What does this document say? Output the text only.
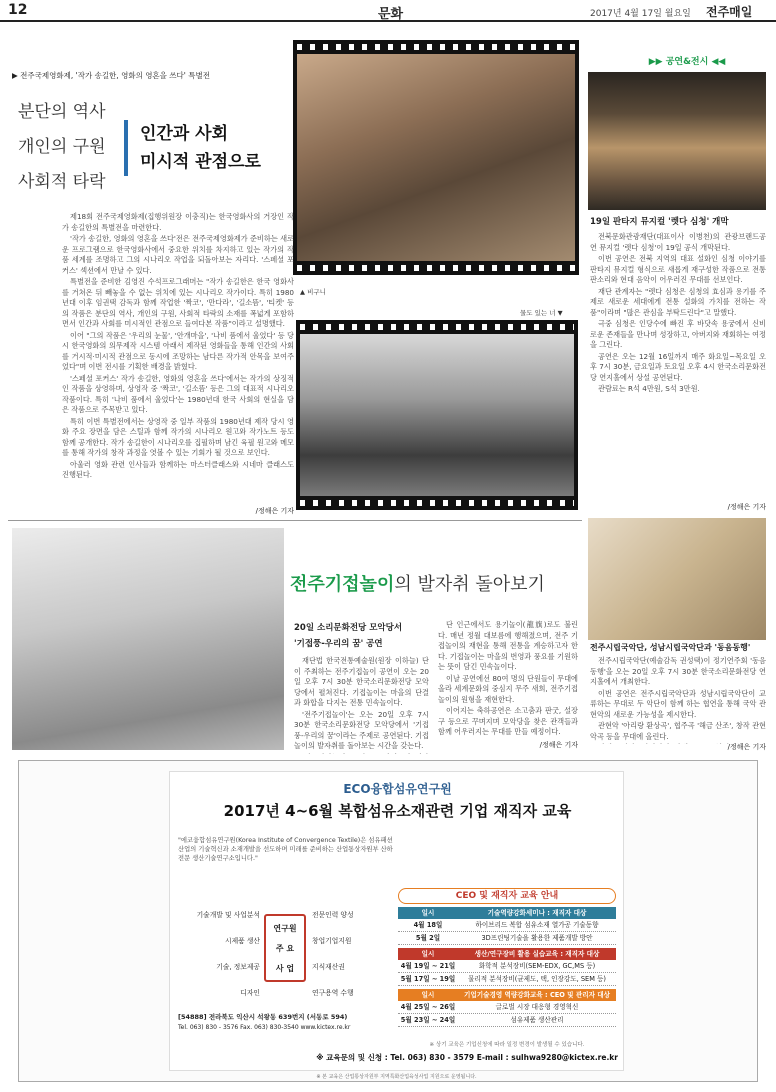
12	문화	2017년 4월 17일 월요일 전주매일
▶ 전주국제영화제, '작가 송길한, 영화의 영혼을 쓰다' 특별전
분단의 역사
개인의 구원
사회적 타락
인간과 사회
미시적 관점으로
▲ 비구니
물도 있는 너 ▼

제18회 전주국제영화제(집행위원장 이충직)는 한국영화사의 거장인 작가 송길한의 특별전을 마련한다.

'작가 송길한, 영화의 영혼을 쓰다'전은 전주국제영화제가 준비하는 새로운 프로그램으로 한국영화사에서 중요한 위치를 차지하고 있는 작가의 작품 세계를 조명하고 그의 시나리오 작업을 되돌아보는 자리다. '스페셜 포커스' 섹션에서 만날 수 있다.

특별전을 준비한 김영진 수석프로그래머는 "작가 송길한은 한국 영화사를 거쳐온 뒤 빼놓을 수 없는 위치에 있는 시나리오 작가이다. 특히 1980년대 이후 임권택 감독과 함께 작업한 '짝코', '만다라', '길소뜸', '티켓' 등의 작품은 분단의 역사, 개인의 구원, 사회적 타락의 소재를 폭넓게 포함하면서 인간과 사회를 미시적인 관점으로 들여다본 작품"이라고 설명했다.

이어 "그의 작품은 '우리의 눈물', '안개마을', '나비 품에서 울었다' 등 당시 한국영화의 의무제작 시스템 아래서 제작된 영화들을 통해 인간의 사회를 거시적·미시적 관점으로 동시에 조망하는 남다른 작가적 안목을 보여주었다"며 이번 전시를 기획한 배경을 밝혔다.

'스페셜 포커스' 작가 송길한, 영화의 영혼을 쓰다'에서는 작가의 상징적인 작품을 상영하며, 상영작 중 '짝코', '길소뜸' 등은 그의 대표적 시나리오 작품이다. 특히 '나비 품에서 울었다'는 1980년대 한국 사회의 현실을 담은 작품으로 주목받고 있다.

특히 이번 특별전에서는 상영작 중 일부 작품의 1980년대 제작 당시 영화 주요 장면을 담은 스틸과 함께 작가의 시나리오 원고와 작가노트 등도 함께 공개한다. 작가 송길한이 시나리오를 집필하며 남긴 육필 원고와 메모를 통해 작가의 창작 과정을 엿볼 수 있는 기회가 될 것으로 보인다.

아울러 영화 관련 인사들과 함께하는 마스터클래스와 시네마 클래스도 진행된다.

/정해은 기자
전주기접놀이의 발자취 돌아보기
20일 소리문화전당 모악당서
'기접풍-우리의 꿈' 공연

재단법 한국전통예술원(원장 이하늘) 단이 주최하는 전주기접놀이 공연이 오는 20일 오후 7시 30분 한국소리문화전당 모악당에서 펼쳐진다. 기접놀이는 마을의 단결과 화합을 다지는 전통 민속놀이다.

'전주기접놀이'는 오는 20일 오후 7시 30분 한국소리문화전당 모악당에서 '기접풍-우리의 꿈'이라는 주제로 공연된다. 기접놀이의 발자취를 돌아보는 시간을 갖는다.

단 인근에서도 용기놀이(龍旗)로도 불린다. 매년 정월 대보름에 행해졌으며, 전주 기접놀이의 재현을 통해 전통을 계승하고자 한다. 기접놀이는 마을의 번영과 풍요를 기원하는 뜻이 담긴 민속놀이다.

이날 공연에선 80여 명의 단원들이 무대에 올라 세계문화의 중심지 무주 새희, 전주기접놀이의 원형을 재현한다.

이어지는 축하공연은 소고춤과 판굿, 설장구 등으로 꾸며지며 모악당을 찾은 관객들과 함께 어우러지는 무대를 만들 예정이다.

/정해은 기자
▶▶ 공연&전시 ◀◀
19일 판타지 뮤지컬 '렛다 심청' 개막

전북문화관광재단(대표이사 이병천)의 관광브랜드공연 뮤지컬 '렛다 심청'이 19일 공식 개막된다.

이번 공연은 전북 지역의 대표 설화인 심청 이야기를 판타지 뮤지컬 형식으로 새롭게 재구성한 작품으로 전통 판소리와 현대 음악이 어우러진 무대를 선보인다.

재단 관계자는 "렛다 심청은 심청의 효심과 용기를 주제로 새로운 세대에게 전통 설화의 가치를 전하는 작품"이라며 "많은 관심을 부탁드린다"고 말했다.

극중 심청은 인당수에 빠진 후 바닷속 용궁에서 신비로운 존재들을 만나며 성장하고, 아버지와 재회하는 여정을 그린다.

공연은 오는 12월 16일까지 매주 화요일~목요일 오후 7시 30분, 금요일과 토요일 오후 4시 한국소리문화전당 연지홀에서 상설 공연된다.

관람료는 R석 4만원, S석 3만원.

/정해은 기자
전주시립국악단, 성남시립국악단과 '동음동행'

전주시립국악단(예술감독 권성택)이 정기연주회 '동음동행'을 오는 20일 오후 7시 30분 한국소리문화전당 연지홀에서 개최한다.

이번 공연은 전주시립국악단과 성남시립국악단이 교류하는 무대로 두 악단이 함께 하는 협연을 통해 국악 관현악의 새로운 가능성을 제시한다.

관현악 '아리랑 환상곡', 협주곡 '해금 산조', 창작 관현악곡 등을 무대에 올린다.

/정해은 기자
ECO융합섬유연구원
2017년 4~6월 복합섬유소재관련 기업 재직자 교육
"에코융합섬유연구원(Korea Institute of Convergence Textile)은 섬유패션산업의 기술혁신과 소재개발을 선도하며 미래를 준비하는 산업통상자원부 산하 전문 생산기술연구소입니다."
연구원
주 요
사 업
기술개발 및 사업분석
시제품 생산
기술, 정보제공
디자인
전문인력 양성
창업기업지원
지식재산권
연구용역 수행
[54888] 전라북도 익산시 석왕동 639번지 (서동로 594)
Tel. 063) 830 - 3576 Fax. 063) 830-3540 www.kictex.re.kr
CEO 및 재직자 교육 안내
일시	기술역량강화세미나 : 재직자 대상
4월 18일	하이브리드 복합 섬유소재 열가공 기술동향
5월 2일	3D프린팅기술을 활용한 제품개발 방안
일시	생산/연구장비 활용 실습교육 : 재직자 대상
4월 19일 ~ 21일	화학적 분석장비(SEM-EDX, GC,MS 등)
5월 17일 ~ 19일	물리적 분석장비(균제도, 택, 인장강도, SEM 등)
일시	기업기술경영 역량강화교육 : CEO 및 관리자 대상
4월 25일 ~ 26일	글로벌 시장 대응형 경영혁신
5월 23일 ~ 24일	섬유제품 생산관리
※ 상기 교육은 기업신청에 따라 일정 변경이 발생될 수 있습니다.
※ 교육문의 및 신청 : Tel. 063) 830 - 3579 E-mail : sulhwa9280@kictex.re.kr
※ 본 교육은 산업통상자원부 지역특화산업육성사업 지원으로 운영됩니다.
